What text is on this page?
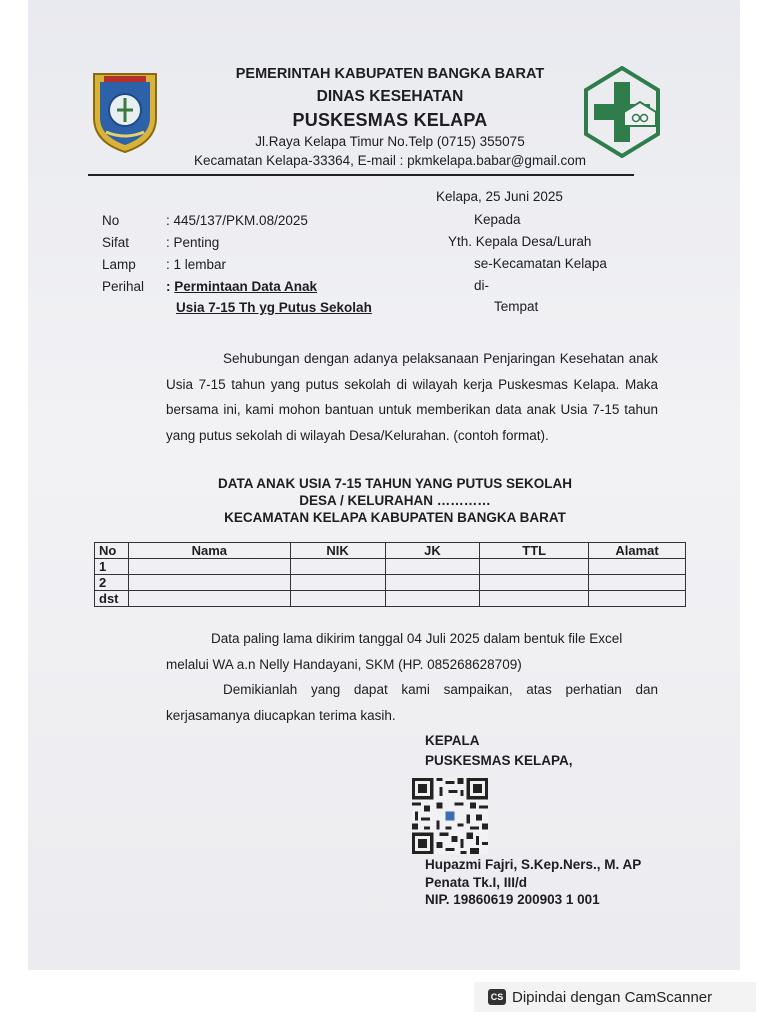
PEMERINTAH KABUPATEN BANGKA BARAT
DINAS KESEHATAN
PUSKESMAS KELAPA
Jl.Raya Kelapa Timur No.Telp (0715) 355075
Kecamatan Kelapa-33364, E-mail : pkmkelapa.babar@gmail.com
Kelapa, 25 Juni 2025
No	: 445/137/PKM.08/2025
Sifat	: Penting
Lamp : 1 lembar
Perihal : Permintaan Data Anak
Usia 7-15 Th yg Putus Sekolah
Kepada
Yth. Kepala Desa/Lurah
se-Kecamatan Kelapa
di-
Tempat
Sehubungan dengan adanya pelaksanaan Penjaringan Kesehatan anak Usia 7-15 tahun yang putus sekolah di wilayah kerja Puskesmas Kelapa. Maka bersama ini, kami mohon bantuan untuk memberikan data anak Usia 7-15 tahun yang putus sekolah di wilayah Desa/Kelurahan. (contoh format).
DATA ANAK USIA 7-15 TAHUN YANG PUTUS SEKOLAH
DESA / KELURAHAN …………
KECAMATAN KELAPA KABUPATEN BANGKA BARAT
No	Nama	NIK	JK	TTL	Alamat
1					
2					
dst					
Data paling lama dikirim tanggal 04 Juli 2025 dalam bentuk file Excel
melalui WA a.n Nelly Handayani, SKM (HP. 085268628709)
Demikianlah yang dapat kami sampaikan, atas perhatian dan kerjasamanya diucapkan terima kasih.
KEPALA
PUSKESMAS KELAPA,
Hupazmi Fajri, S.Kep.Ners., M. AP
Penata Tk.I, III/d
NIP. 19860619 200903 1 001
CS Dipindai dengan CamScanner
